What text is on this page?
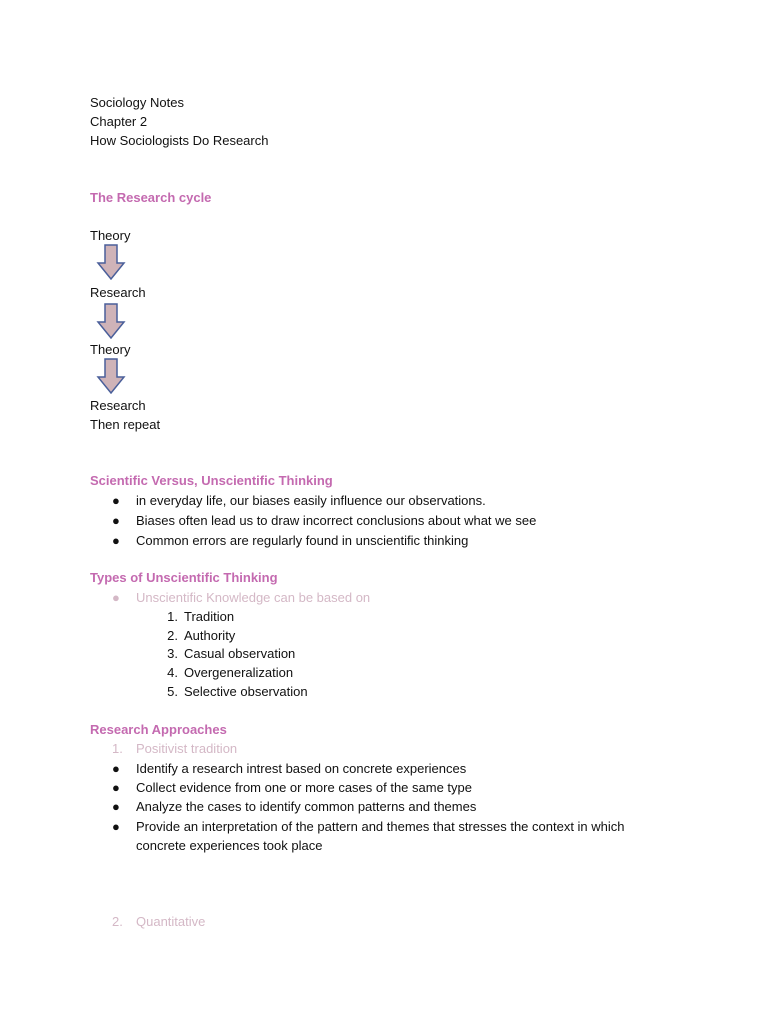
Sociology Notes
Chapter 2
How Sociologists Do Research
The Research cycle
Theory
Research
Theory
Research
Then repeat
Scientific Versus, Unscientific Thinking
● in everyday life, our biases easily influence our observations.
● Biases often lead us to draw incorrect conclusions about what we see
● Common errors are regularly found in unscientific thinking
Types of Unscientific Thinking
● Unscientific Knowledge can be based on
1. Tradition
2. Authority
3. Casual observation
4. Overgeneralization
5. Selective observation
Research Approaches
1. Positivist tradition
● Identify a research intrest based on concrete experiences
● Collect evidence from one or more cases of the same type
● Analyze the cases to identify common patterns and themes
● Provide an interpretation of the pattern and themes that stresses the context in which
concrete experiences took place
2. Quantitative
